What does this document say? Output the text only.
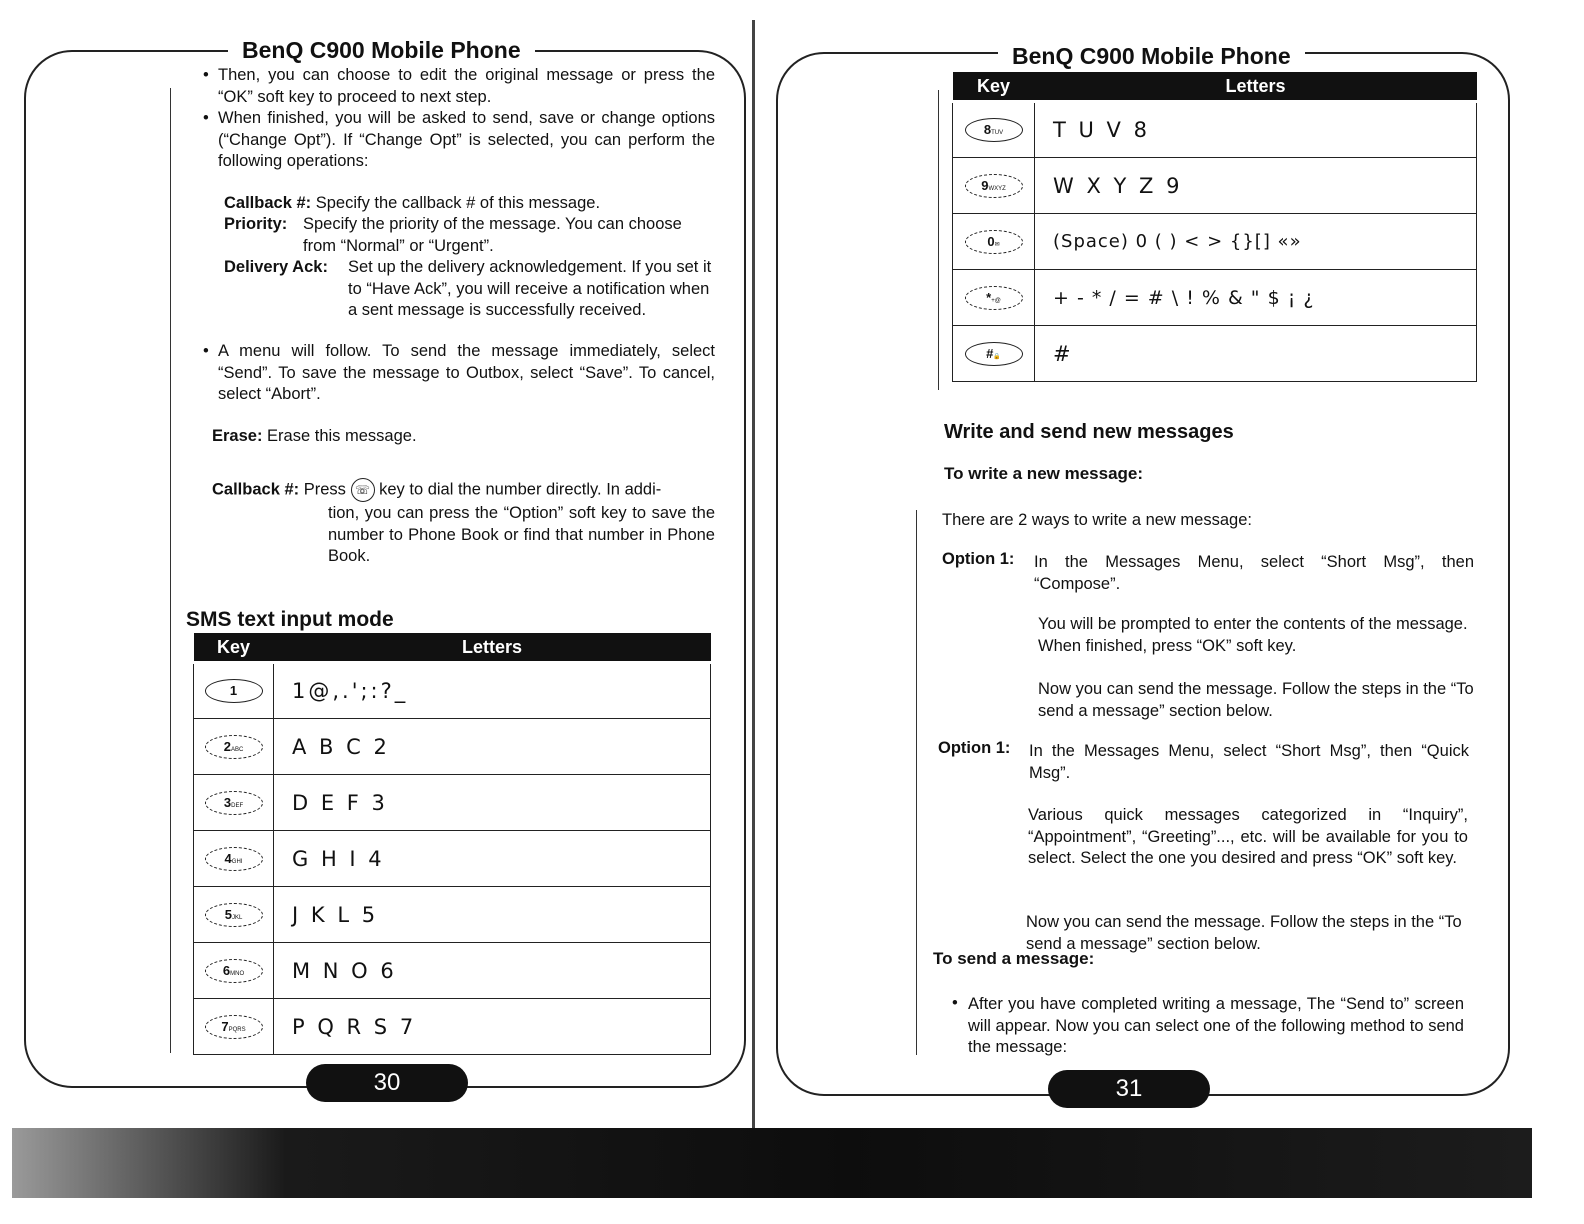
BenQ C900 Mobile Phone
• Then, you can choose to edit the original message or press the “OK” soft key to proceed to next step.
• When finished, you will be asked to send, save or change options (“Change Opt”). If “Change Opt” is selected, you can perform the following operations:
Callback #: Specify the callback # of this message.
Priority: Specify the priority of the message. You can choose from “Normal” or “Urgent”.
Delivery Ack: Set up the delivery acknowledgement. If you set it to “Have Ack”, you will receive a notification when a sent message is successfully received.
• A menu will follow. To send the message immediately, select “Send”. To save the message to Outbox, select “Save”. To cancel, select “Abort”.
Erase: Erase this message.
Callback #: Press ☏ key to dial the number directly. In addi-
tion, you can press the “Option” soft key to save the number to Phone Book or find that number in Phone Book.
SMS text input mode
Key	Letters
1	1@,.';:?_
2ABC	A B C 2
3DEF	D E F 3
4GHI	G H I 4
5JKL	J K L 5
6MNO	M N O 6
7PQRS	P Q R S 7
30
BenQ C900 Mobile Phone
Key	Letters
8TUV	T U V 8
9WXYZ	W X Y Z 9
0✉	(Space) 0 ( ) < > {}[] «»
*+@	+ - * / = # \ ! % & " $ ¡ ¿
#🔒	#
Write and send new messages
To write a new message:
There are 2 ways to write a new message:
Option 1: In the Messages Menu, select “Short Msg”, then “Compose”.
You will be prompted to enter the contents of the message. When finished, press “OK” soft key.
Now you can send the message. Follow the steps in the “To send a message” section below.
Option 1: In the Messages Menu, select “Short Msg”, then “Quick Msg”.
Various quick messages categorized in “Inquiry”, “Appointment”, “Greeting”..., etc. will be available for you to select. Select the one you desired and press “OK” soft key.
Now you can send the message. Follow the steps in the “To send a message” section below.
To send a message:
• After you have completed writing a message, The “Send to” screen will appear. Now you can select one of the following method to send the message:
31
